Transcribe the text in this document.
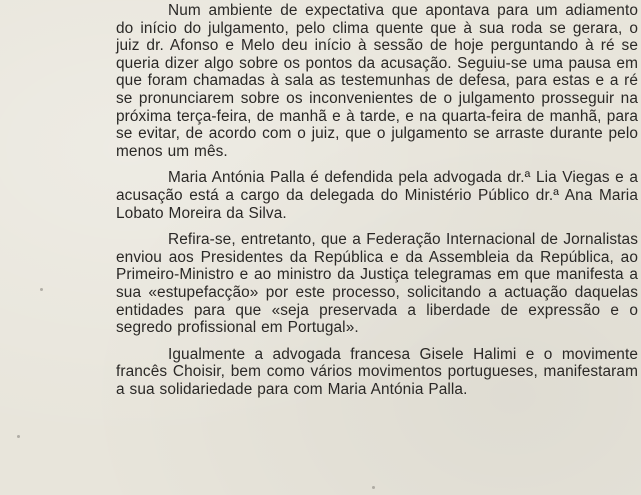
Num ambiente de expectativa que apontava para um adiamento do início do julgamento, pelo clima quente que à sua roda se gerara, o juiz dr. Afonso e Melo deu início à sessão de hoje perguntando à ré se queria dizer algo sobre os pontos da acusação. Seguiu-se uma pausa em que foram chamadas à sala as testemunhas de defesa, para estas e a ré se pronunciarem sobre os inconvenientes de o julgamento prosseguir na próxima terça-feira, de manhã e à tarde, e na quarta-feira de manhã, para se evitar, de acordo com o juiz, que o julgamento se arraste durante pelo menos um mês.

Maria Antónia Palla é defendida pela advogada dr.ª Lia Viegas e a acusação está a cargo da delegada do Ministério Público dr.ª Ana Maria Lobato Moreira da Silva.

Refira-se, entretanto, que a Federação Internacional de Jornalistas enviou aos Presidentes da República e da Assembleia da República, ao Primeiro-Ministro e ao ministro da Justiça telegramas em que manifesta a sua «estupefacção» por este processo, solicitando a actuação daquelas entidades para que «seja preservada a liberdade de expressão e o segredo profissional em Portugal».

Igualmente a advogada francesa Gisele Halimi e o movimente francês Choisir, bem como vários movimentos portugueses, manifestaram a sua solidariedade para com Maria Antónia Palla.
